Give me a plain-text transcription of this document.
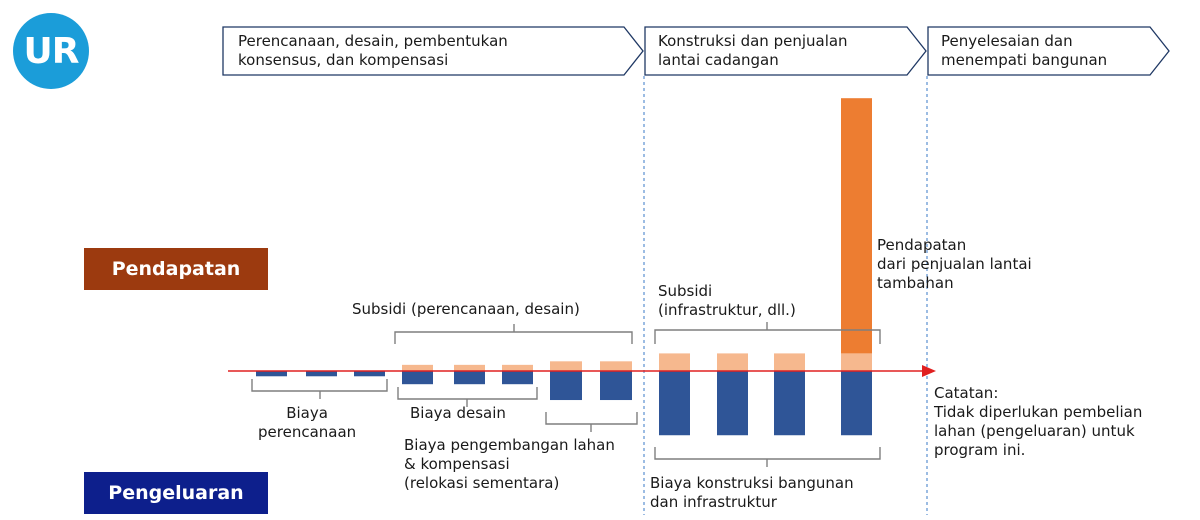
UR	Perencanaan, desain, pembentukan
konsensus, dan kompensasi
Konstruksi dan penjualan
lantai cadangan
Penyelesaian dan
menempati bangunan
Pendapatan
Pengeluaran
Subsidi (perencanaan, desain)
Subsidi
(infrastruktur, dll.)
Pendapatan
dari penjualan lantai
tambahan
Biaya
perencanaan
Biaya desain
Biaya pengembangan lahan
& kompensasi
(relokasi sementara)	Biaya konstruksi bangunan
dan infrastruktur
Catatan:
Tidak diperlukan pembelian
lahan (pengeluaran) untuk
program ini.
